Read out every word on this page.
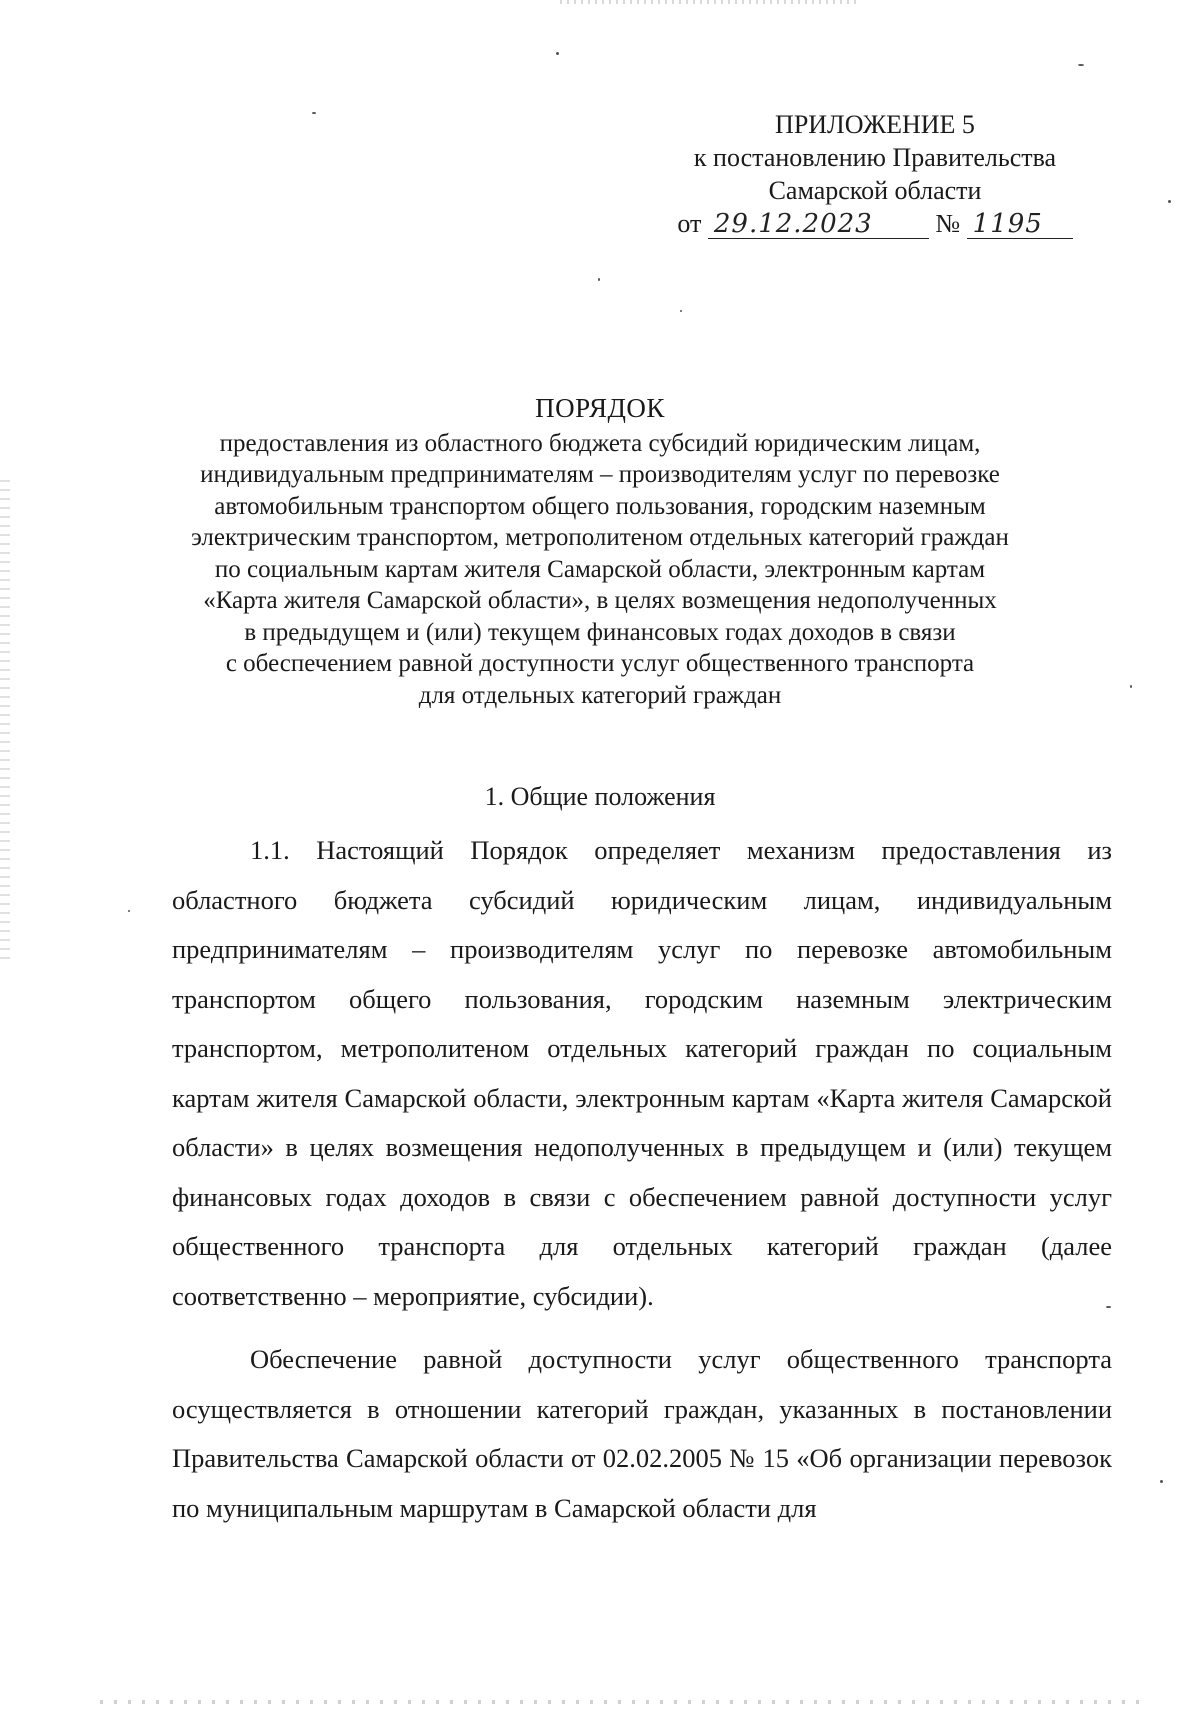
ПРИЛОЖЕНИЕ 5
к постановлению Правительства
Самарской области
от 29.12.2023 № 1195
ПОРЯДОК
предоставления из областного бюджета субсидий юридическим лицам,
индивидуальным предпринимателям – производителям услуг по перевозке
автомобильным транспортом общего пользования, городским наземным
электрическим транспортом, метрополитеном отдельных категорий граждан
по социальным картам жителя Самарской области, электронным картам
«Карта жителя Самарской области», в целях возмещения недополученных
в предыдущем и (или) текущем финансовых годах доходов в связи
с обеспечением равной доступности услуг общественного транспорта
для отдельных категорий граждан
1. Общие положения

1.1. Настоящий Порядок определяет механизм предоставления из областного бюджета субсидий юридическим лицам, индивидуальным предпринимателям – производителям услуг по перевозке автомобильным транспортом общего пользования, городским наземным электрическим транспортом, метрополитеном отдельных категорий граждан по социальным картам жителя Самарской области, электронным картам «Карта жителя Самарской области» в целях возмещения недополученных в предыдущем и (или) текущем финансовых годах доходов в связи с обеспечением равной доступности услуг общественного транспорта для отдельных категорий граждан (далее соответственно – мероприятие, субсидии).

Обеспечение равной доступности услуг общественного транспорта осуществляется в отношении категорий граждан, указанных в постановлении Правительства Самарской области от 02.02.2005 № 15 «Об организации перевозок по муниципальным маршрутам в Самарской области для
